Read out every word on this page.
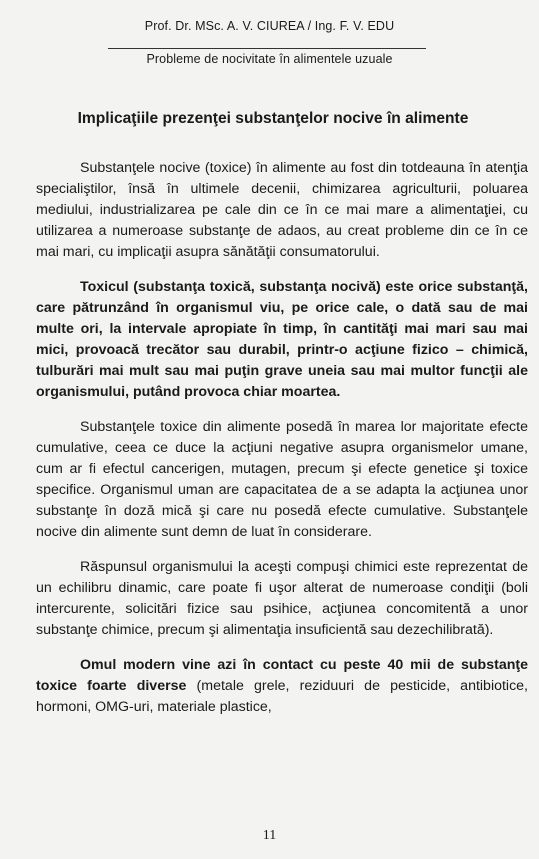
Prof. Dr. MSc. A. V. CIUREA / Ing. F. V. EDU
Probleme de nocivitate în alimentele uzuale
Implicaţiile prezenţei substanţelor nocive în alimente

Substanţele nocive (toxice) în alimente au fost din totdeauna în atenţia specialiştilor, însă în ultimele decenii, chimizarea agriculturii, poluarea mediului, industrializarea pe cale din ce în ce mai mare a alimentaţiei, cu utilizarea a numeroase substanţe de adaos, au creat probleme din ce în ce mai mari, cu implicaţii asupra sănătăţii consumatorului.

Toxicul (substanţa toxică, substanţa nocivă) este orice substanţă, care pătrunzând în organismul viu, pe orice cale, o dată sau de mai multe ori, la intervale apropiate în timp, în cantităţi mai mari sau mai mici, provoacă trecător sau durabil, printr-o acţiune fizico – chimică, tulburări mai mult sau mai puţin grave uneia sau mai multor funcţii ale organismului, putând provoca chiar moartea.

Substanţele toxice din alimente posedă în marea lor majoritate efecte cumulative, ceea ce duce la acţiuni negative asupra organismelor umane, cum ar fi efectul cancerigen, mutagen, precum şi efecte genetice şi toxice specifice. Organismul uman are capacitatea de a se adapta la acţiunea unor substanţe în doză mică şi care nu posedă efecte cumulative. Substanţele nocive din alimente sunt demn de luat în considerare.

Răspunsul organismului la aceşti compuşi chimici este reprezentat de un echilibru dinamic, care poate fi uşor alterat de numeroase condiţii (boli intercurente, solicitări fizice sau psihice, acţiunea concomitentă a unor substanţe chimice, precum şi alimentaţia insuficientă sau dezechilibrată).

Omul modern vine azi în contact cu peste 40 mii de substanţe toxice foarte diverse (metale grele, reziduuri de pesticide, antibiotice, hormoni, OMG-uri, materiale plastice,

11
